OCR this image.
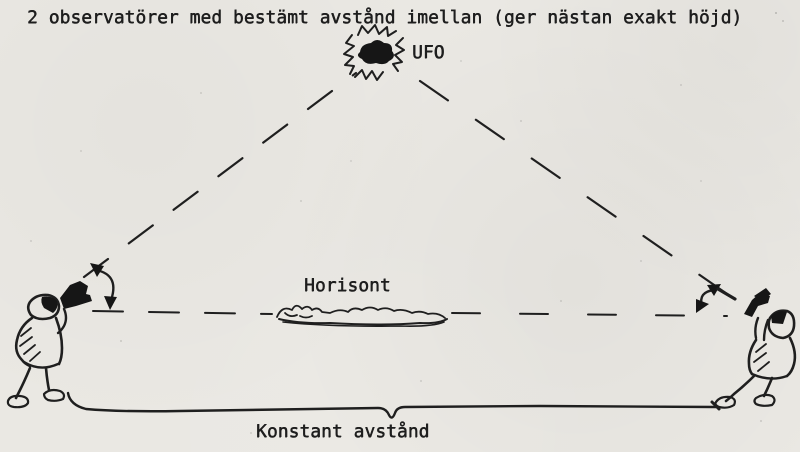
2 observatörer med bestämt avstånd imellan (ger nästan exakt höjd)
UFO
Horisont
Konstant avstånd
